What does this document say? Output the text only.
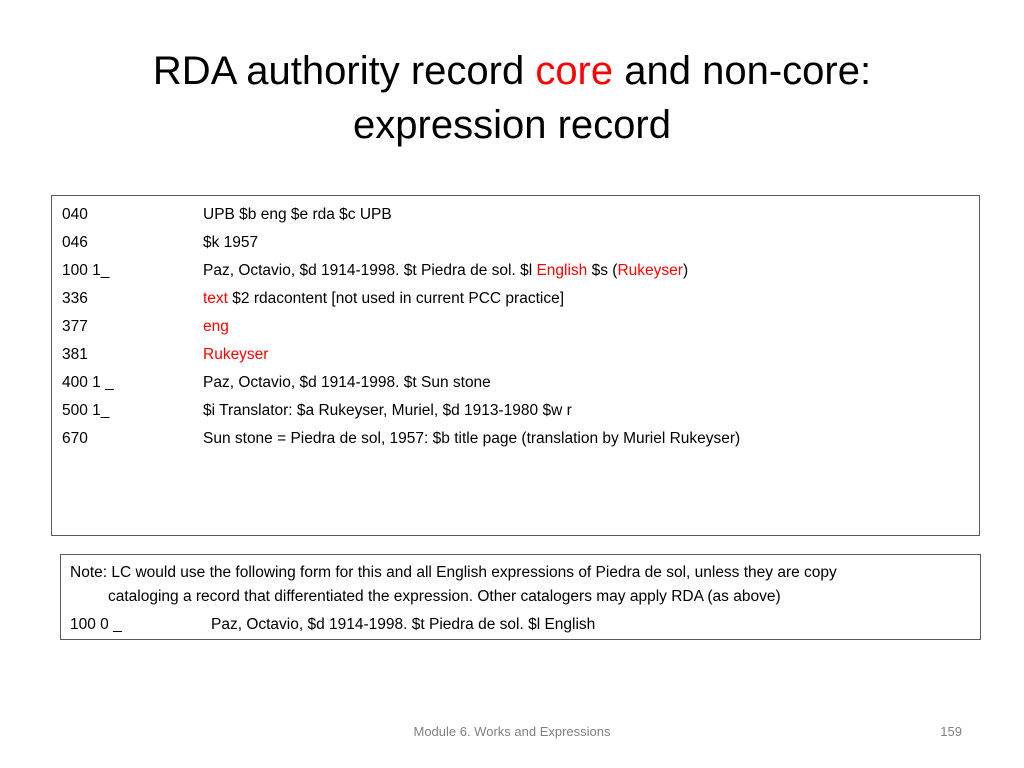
RDA authority record core and non-core:
expression record
040	UPB $b eng $e rda $c UPB
046	$k 1957
100 1_	Paz, Octavio, $d 1914-1998. $t Piedra de sol. $l English $s (Rukeyser)
336	text $2 rdacontent [not used in current PCC practice]
377	eng
381	Rukeyser
400 1 _	Paz, Octavio, $d 1914-1998. $t Sun stone
500 1_	$i Translator: $a Rukeyser, Muriel, $d 1913-1980 $w r
670	Sun stone = Piedra de sol, 1957: $b title page (translation by Muriel Rukeyser)
Note: LC would use the following form for this and all English expressions of Piedra de sol, unless they are copy
cataloging a record that differentiated the expression. Other catalogers may apply RDA (as above)
100 0 _	Paz, Octavio, $d 1914-1998. $t Piedra de sol. $l English
Module 6. Works and Expressions	159
